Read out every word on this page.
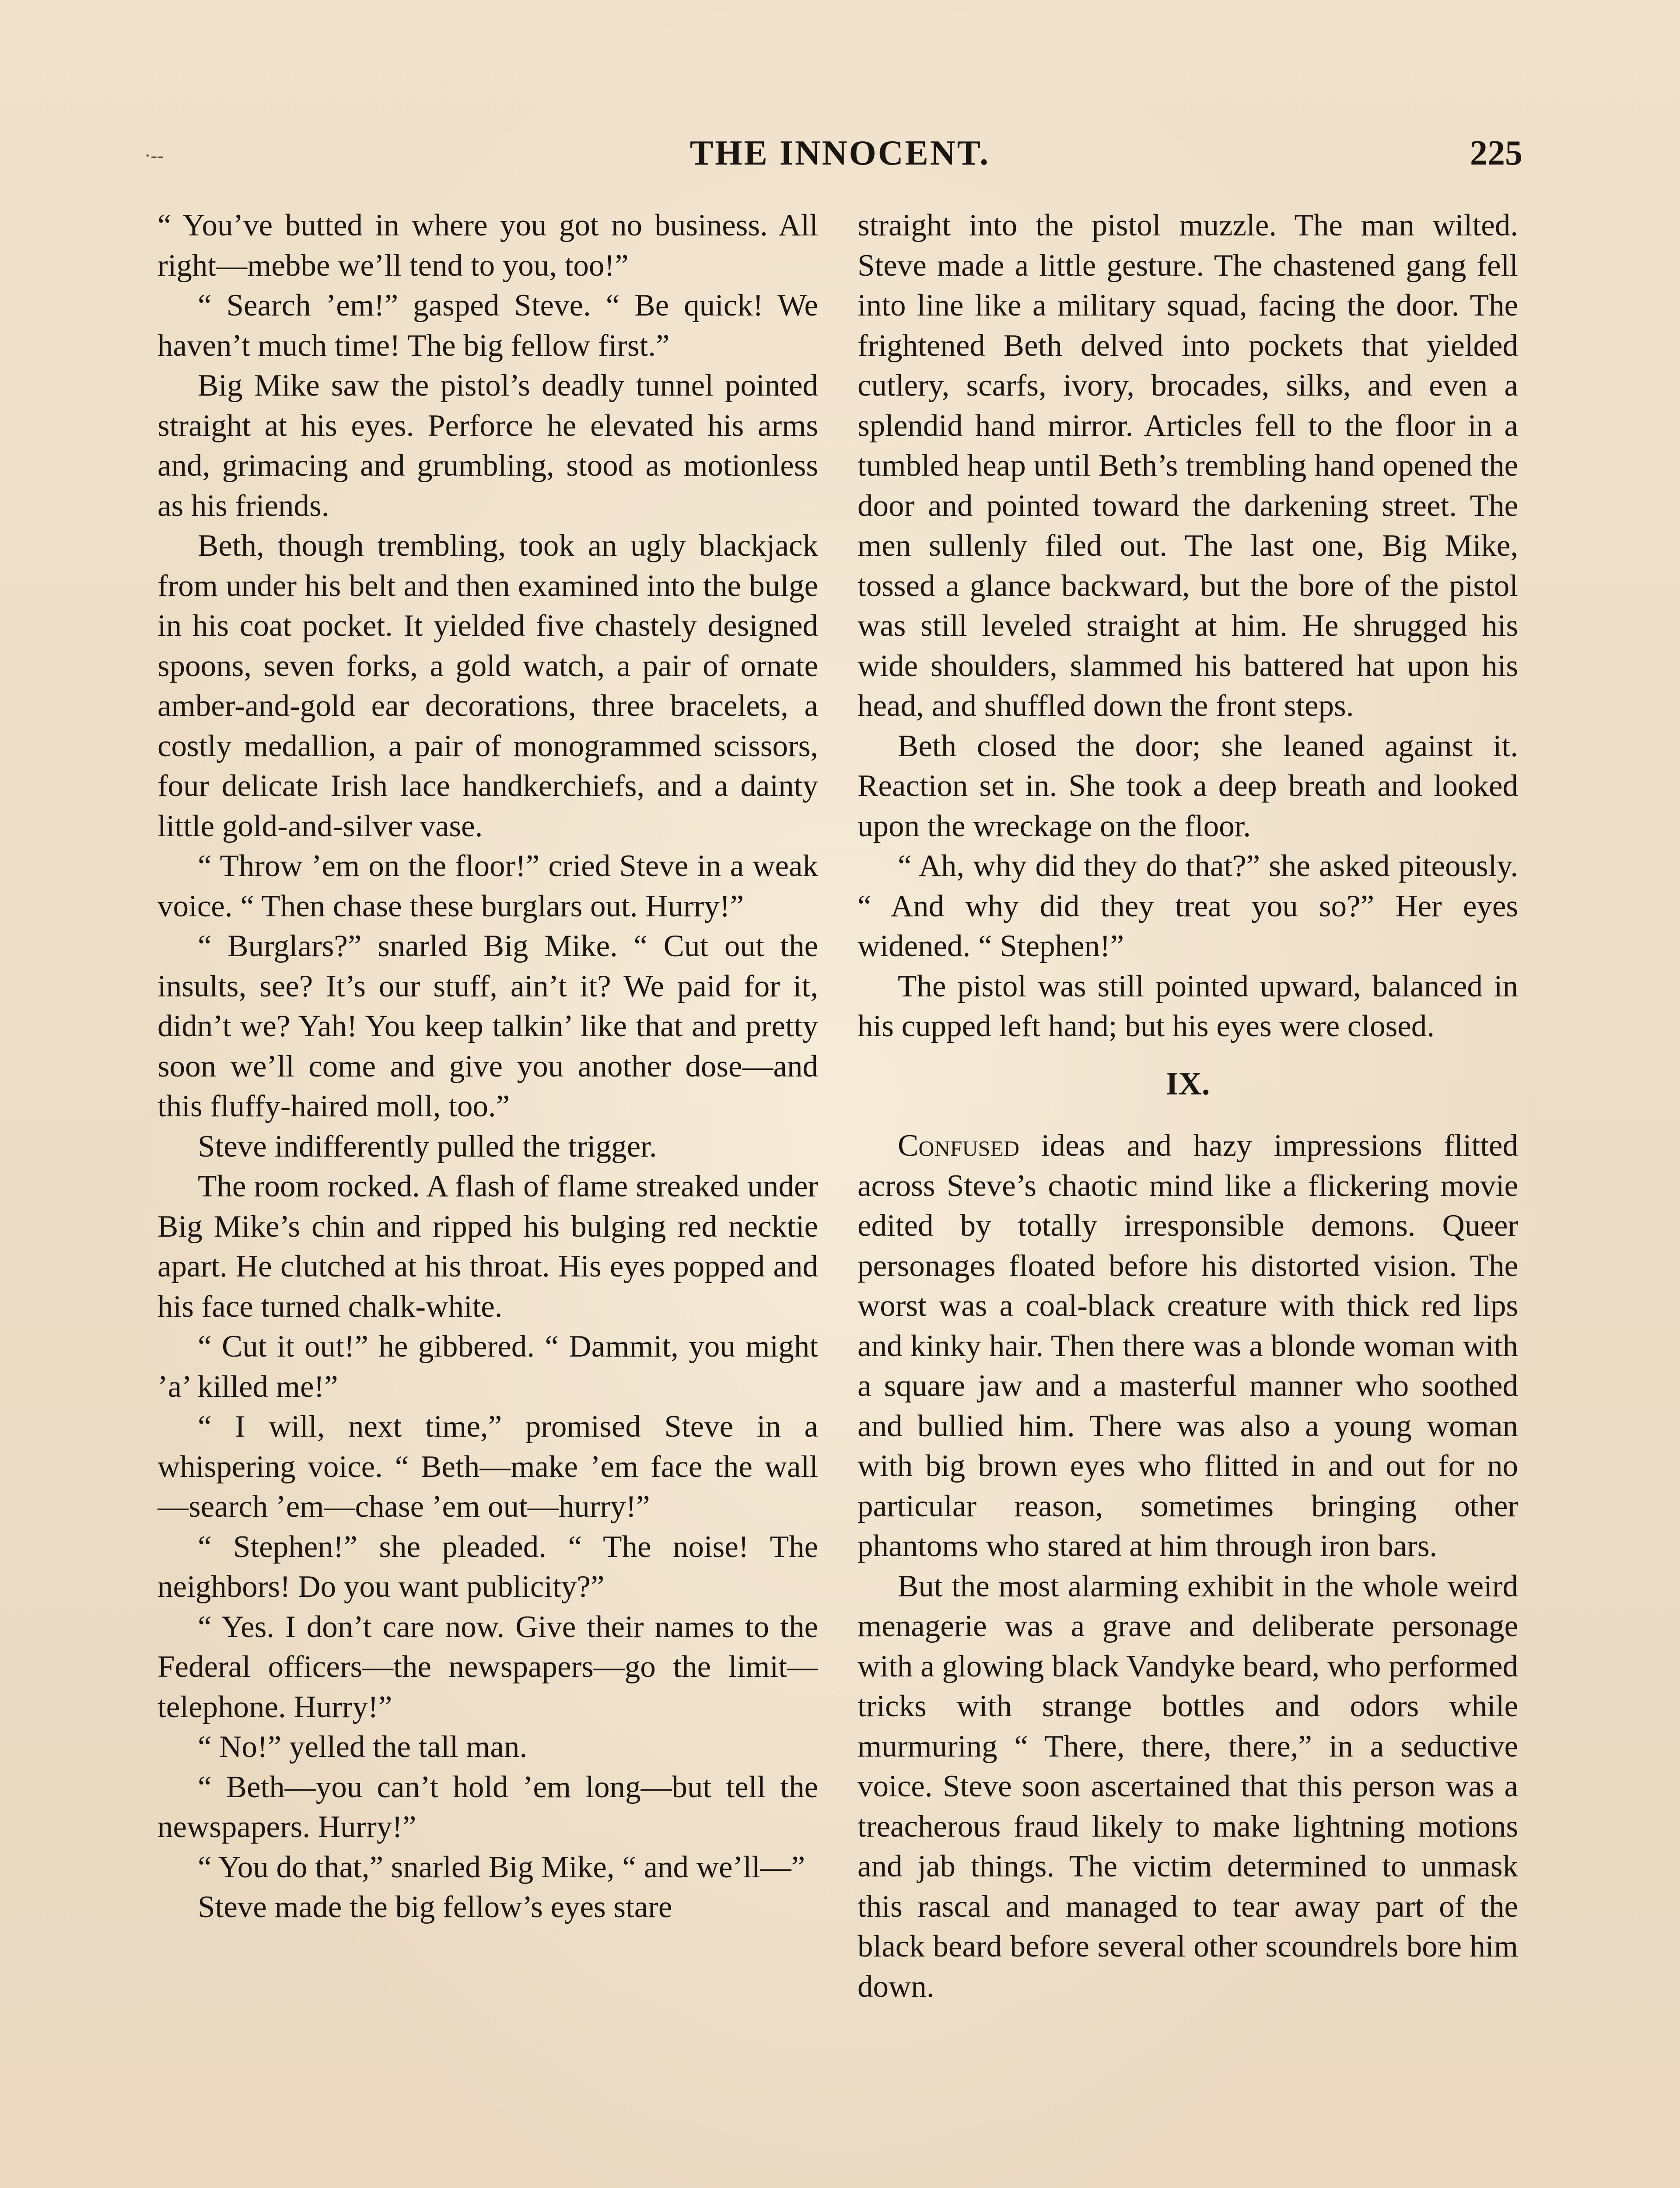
·‑‑	THE INNOCENT.	225

“ You’ve butted in where you got no business. All right—mebbe we’ll tend to you, too!”

“ Search ’em!” gasped Steve. “ Be quick! We haven’t much time! The big fellow first.”

Big Mike saw the pistol’s deadly tunnel pointed straight at his eyes. Perforce he elevated his arms and, grimacing and grumbling, stood as motionless as his friends.

Beth, though trembling, took an ugly blackjack from under his belt and then examined into the bulge in his coat pocket. It yielded five chastely designed spoons, seven forks, a gold watch, a pair of ornate amber-and-gold ear decorations, three bracelets, a costly medallion, a pair of monogrammed scissors, four delicate Irish lace handkerchiefs, and a dainty little gold-and-silver vase.

“ Throw ’em on the floor!” cried Steve in a weak voice. “ Then chase these burglars out. Hurry!”

“ Burglars?” snarled Big Mike. “ Cut out the insults, see? It’s our stuff, ain’t it? We paid for it, didn’t we? Yah! You keep talkin’ like that and pretty soon we’ll come and give you another dose—and this fluffy-haired moll, too.”

Steve indifferently pulled the trigger.

The room rocked. A flash of flame streaked under Big Mike’s chin and ripped his bulging red necktie apart. He clutched at his throat. His eyes popped and his face turned chalk-white.

“ Cut it out!” he gibbered. “ Dammit, you might ’a’ killed me!”

“ I will, next time,” promised Steve in a whispering voice. “ Beth—make ’em face the wall—search ’em—chase ’em out—hurry!”

“ Stephen!” she pleaded. “ The noise! The neighbors! Do you want publicity?”

“ Yes. I don’t care now. Give their names to the Federal officers—the newspapers—go the limit—telephone. Hurry!”

“ No!” yelled the tall man.

“ Beth—you can’t hold ’em long—but tell the newspapers. Hurry!”

“ You do that,” snarled Big Mike, “ and we’ll—”

Steve made the big fellow’s eyes stare

straight into the pistol muzzle. The man wilted. Steve made a little gesture. The chastened gang fell into line like a military squad, facing the door. The frightened Beth delved into pockets that yielded cutlery, scarfs, ivory, brocades, silks, and even a splendid hand mirror. Articles fell to the floor in a tumbled heap until Beth’s trembling hand opened the door and pointed toward the darkening street. The men sullenly filed out. The last one, Big Mike, tossed a glance backward, but the bore of the pistol was still leveled straight at him. He shrugged his wide shoulders, slammed his battered hat upon his head, and shuffled down the front steps.

Beth closed the door; she leaned against it. Reaction set in. She took a deep breath and looked upon the wreckage on the floor.

“ Ah, why did they do that?” she asked piteously. “ And why did they treat you so?” Her eyes widened. “ Stephen!”

The pistol was still pointed upward, balanced in his cupped left hand; but his eyes were closed.

IX.

Confused ideas and hazy impressions flitted across Steve’s chaotic mind like a flickering movie edited by totally irresponsible demons. Queer personages floated before his distorted vision. The worst was a coal-black creature with thick red lips and kinky hair. Then there was a blonde woman with a square jaw and a masterful manner who soothed and bullied him. There was also a young woman with big brown eyes who flitted in and out for no particular reason, sometimes bringing other phantoms who stared at him through iron bars.

But the most alarming exhibit in the whole weird menagerie was a grave and deliberate personage with a glowing black Vandyke beard, who performed tricks with strange bottles and odors while murmuring “ There, there, there,” in a seductive voice. Steve soon ascertained that this person was a treacherous fraud likely to make lightning motions and jab things. The victim determined to unmask this rascal and managed to tear away part of the black beard before several other scoundrels bore him down.
